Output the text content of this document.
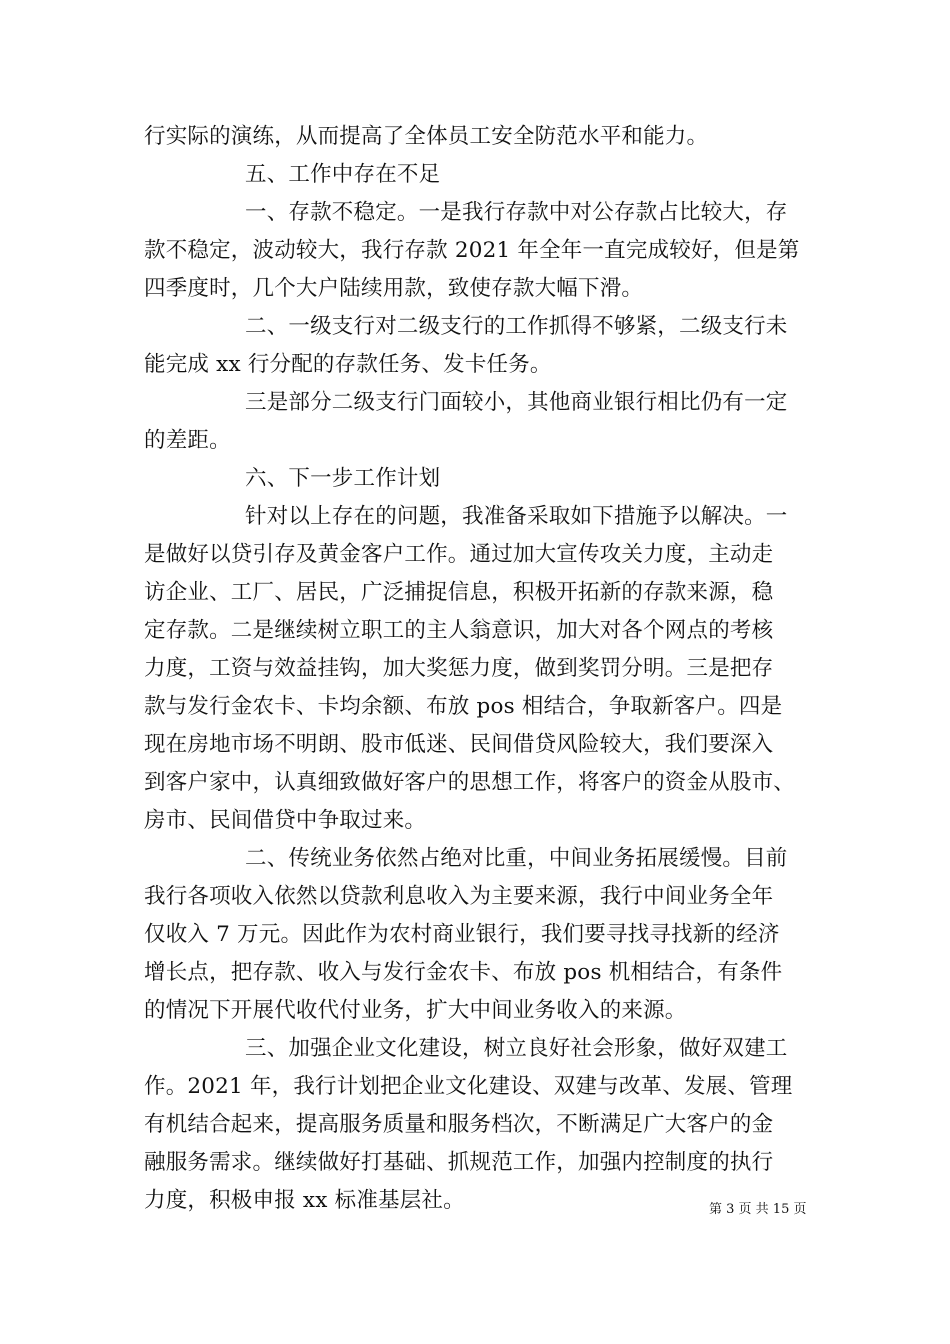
行实际的演练，从而提高了全体员工安全防范水平和能力。
五、工作中存在不足
一、存款不稳定。一是我行存款中对公存款占比较大，存
款不稳定，波动较大，我行存款 2021 年全年一直完成较好，但是第
四季度时，几个大户陆续用款，致使存款大幅下滑。
二、一级支行对二级支行的工作抓得不够紧，二级支行未
能完成 xx 行分配的存款任务、发卡任务。
三是部分二级支行门面较小，其他商业银行相比仍有一定
的差距。
六、下一步工作计划
针对以上存在的问题，我准备采取如下措施予以解决。一
是做好以贷引存及黄金客户工作。通过加大宣传攻关力度，主动走
访企业、工厂、居民，广泛捕捉信息，积极开拓新的存款来源，稳
定存款。二是继续树立职工的主人翁意识，加大对各个网点的考核
力度，工资与效益挂钩，加大奖惩力度，做到奖罚分明。三是把存
款与发行金农卡、卡均余额、布放 pos 相结合，争取新客户。四是
现在房地市场不明朗、股市低迷、民间借贷风险较大，我们要深入
到客户家中，认真细致做好客户的思想工作，将客户的资金从股市、
房市、民间借贷中争取过来。
二、传统业务依然占绝对比重，中间业务拓展缓慢。目前
我行各项收入依然以贷款利息收入为主要来源，我行中间业务全年
仅收入 7 万元。因此作为农村商业银行，我们要寻找寻找新的经济
增长点，把存款、收入与发行金农卡、布放 pos 机相结合，有条件
的情况下开展代收代付业务，扩大中间业务收入的来源。
三、加强企业文化建设，树立良好社会形象，做好双建工
作。2021 年，我行计划把企业文化建设、双建与改革、发展、管理
有机结合起来，提高服务质量和服务档次，不断满足广大客户的金
融服务需求。继续做好打基础、抓规范工作，加强内控制度的执行
力度，积极申报 xx 标准基层社。	第 3 页 共 15 页
